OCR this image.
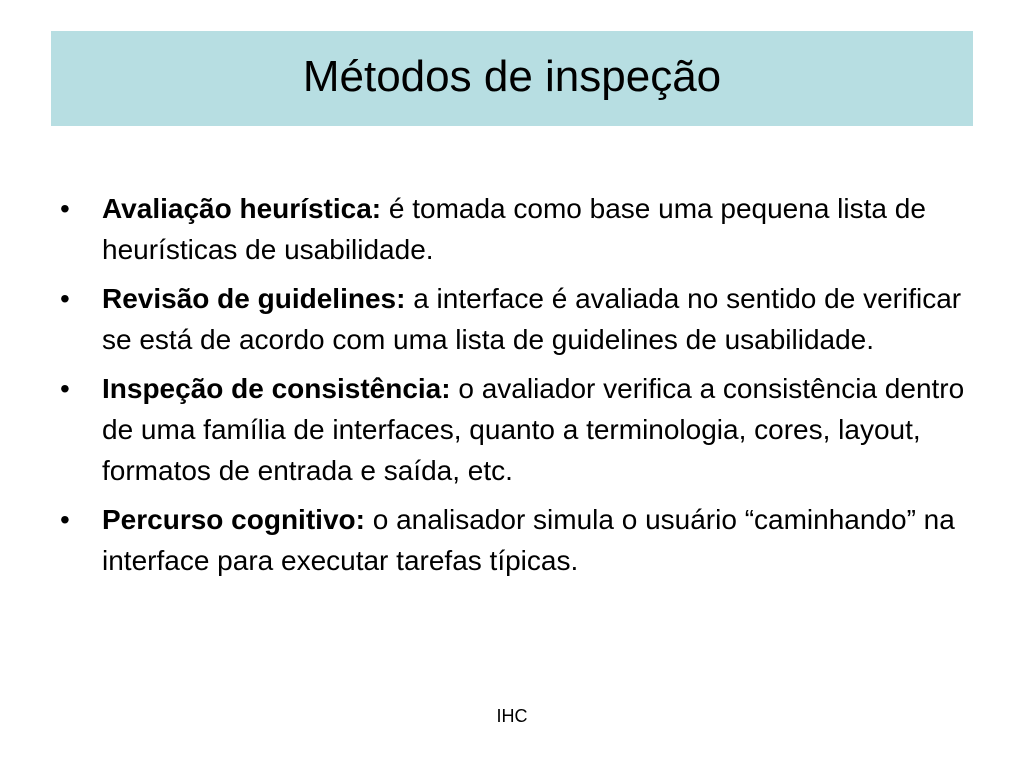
Métodos de inspeção
•	Avaliação heurística: é tomada como base uma pequena lista de heurísticas de usabilidade.
•	Revisão de guidelines: a interface é avaliada no sentido de verificar se está de acordo com uma lista de guidelines de usabilidade.
•	Inspeção de consistência: o avaliador verifica a consistência dentro de uma família de interfaces, quanto a terminologia, cores, layout, formatos de entrada e saída, etc.
•	Percurso cognitivo: o analisador simula o usuário “caminhando” na interface para executar tarefas típicas.
IHC
